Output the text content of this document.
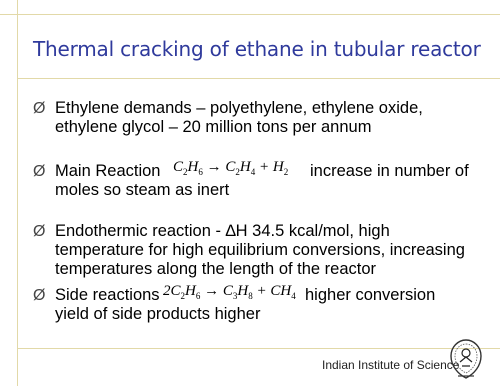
Thermal cracking of ethane in tubular reactor
Ø Ethylene demands – polyethylene, ethylene oxide,
ethylene glycol – 20 million tons per annum
Ø Main Reaction $C_2H_6 \to C_2H_4 + H_2$ increase in number of
moles so steam as inert
Ø Endothermic reaction - ∆H 34.5 kcal/mol, high
temperature for high equilibrium conversions, increasing
temperatures along the length of the reactor
Ø Side reactions $2C_2H_6 \to C_3H_8 + CH_4$ higher conversion
yield of side products higher
Indian Institute of Science
